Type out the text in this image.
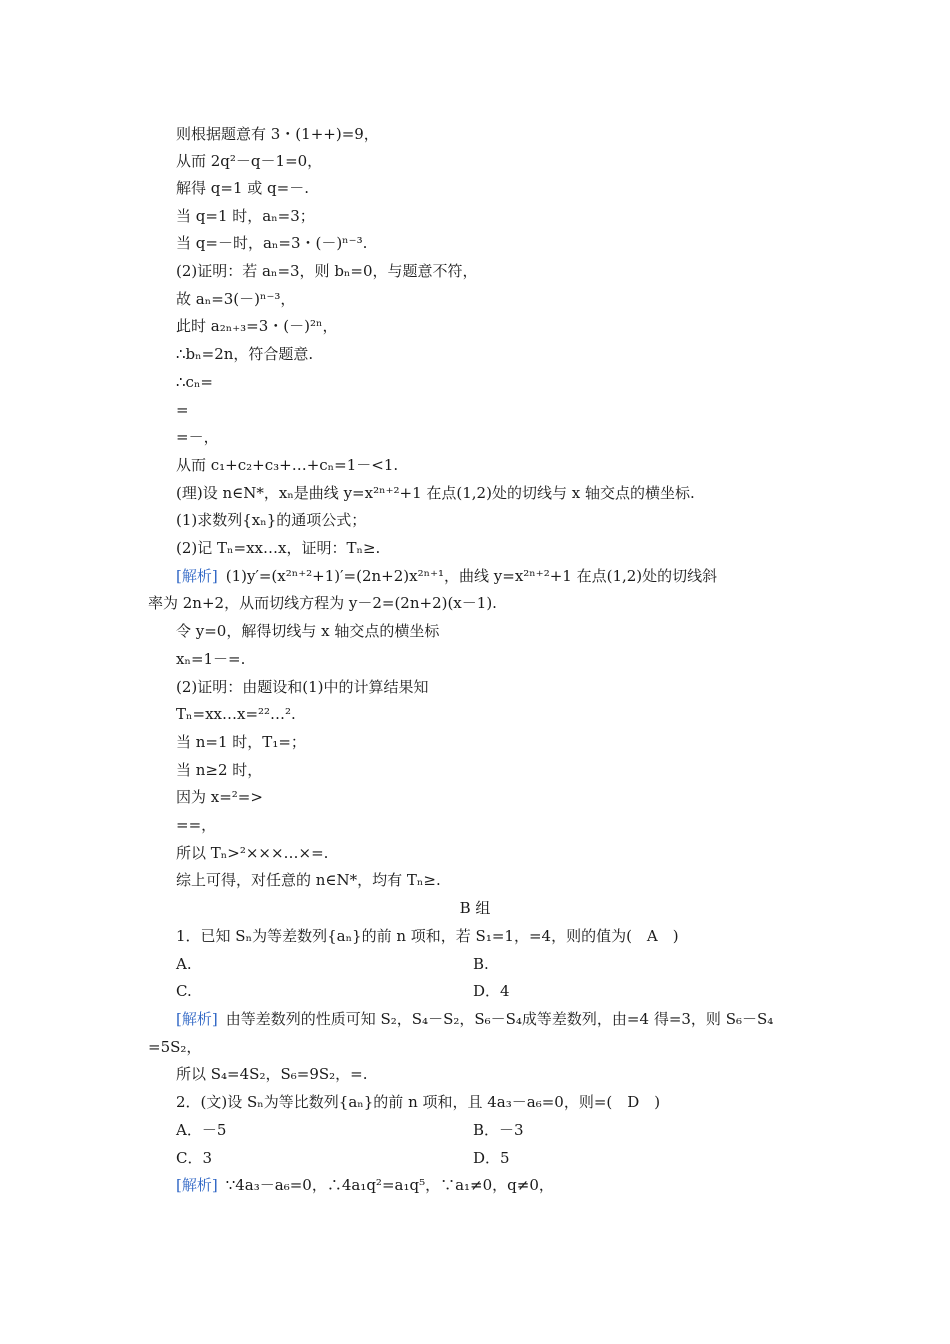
则根据题意有 3・(1++)=9，
从而 2q²－q－1=0，
解得 q=1 或 q=－.
当 q=1 时，aₙ=3；
当 q=－时，aₙ=3・(－)ⁿ⁻³.
(2)证明：若 aₙ=3，则 bₙ=0，与题意不符，
故 aₙ=3(－)ⁿ⁻³，
此时 a₂ₙ₊₃=3・(－)²ⁿ，
∴bₙ=2n，符合题意.
∴cₙ=
=
=－，
从而 c₁+c₂+c₃+…+cₙ=1－<1.
(理)设 n∈N*，xₙ是曲线 y=x²ⁿ⁺²+1 在点(1,2)处的切线与 x 轴交点的横坐标.
(1)求数列{xₙ}的通项公式；
(2)记 Tₙ=xx…x，证明：Tₙ≥.
[解析] (1)y′=(x²ⁿ⁺²+1)′=(2n+2)x²ⁿ⁺¹，曲线 y=x²ⁿ⁺²+1 在点(1,2)处的切线斜
率为 2n+2，从而切线方程为 y－2=(2n+2)(x－1).
令 y=0，解得切线与 x 轴交点的横坐标
xₙ=1－=.
(2)证明：由题设和(1)中的计算结果知
Tₙ=xx…x=²²…².
当 n=1 时，T₁=；
当 n≥2 时，
因为 x=²=>
==，
所以 Tₙ>²×××…×=.
综上可得，对任意的 n∈N*，均有 Tₙ≥.
B 组
1．已知 Sₙ为等差数列{aₙ}的前 n 项和，若 S₁=1，=4，则的值为(　A　)
A.	B.
C.	D．4
[解析] 由等差数列的性质可知 S₂，S₄－S₂，S₆－S₄成等差数列，由=4 得=3，则 S₆－S₄
=5S₂，
所以 S₄=4S₂，S₆=9S₂，=.
2．(文)设 Sₙ为等比数列{aₙ}的前 n 项和，且 4a₃－a₆=0，则=(　D　)
A．－5	B．－3
C．3	D．5
[解析] ∵4a₃－a₆=0，∴4a₁q²=a₁q⁵，∵a₁≠0，q≠0，
